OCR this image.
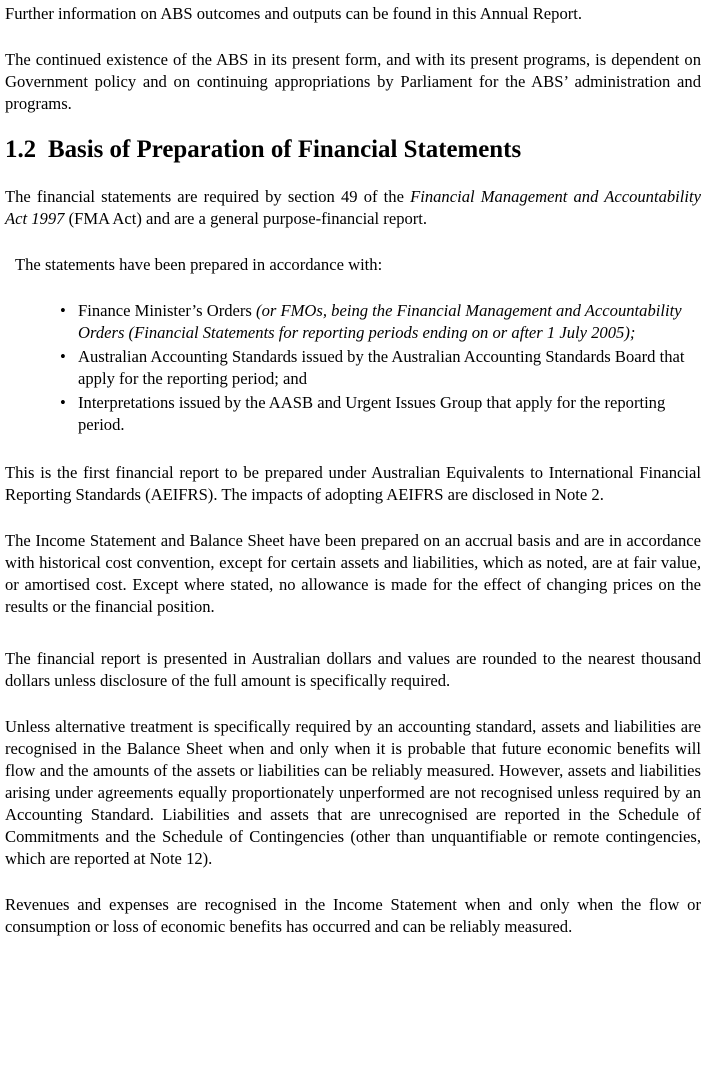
Further information on ABS outcomes and outputs can be found in this Annual Report.

The continued existence of the ABS in its present form, and with its present programs, is dependent on Government policy and on continuing appropriations by Parliament for the ABS’ administration and programs.

1.2 Basis of Preparation of Financial Statements

The financial statements are required by section 49 of the Financial Management and Accountability Act 1997 (FMA Act) and are a general purpose-financial report.

The statements have been prepared in accordance with:

• Finance Minister’s Orders (or FMOs, being the Financial Management and Accountability Orders (Financial Statements for reporting periods ending on or after 1 July 2005);
• Australian Accounting Standards issued by the Australian Accounting Standards Board that apply for the reporting period; and
• Interpretations issued by the AASB and Urgent Issues Group that apply for the reporting period.

This is the first financial report to be prepared under Australian Equivalents to International Financial Reporting Standards (AEIFRS). The impacts of adopting AEIFRS are disclosed in Note 2.

The Income Statement and Balance Sheet have been prepared on an accrual basis and are in accordance with historical cost convention, except for certain assets and liabilities, which as noted, are at fair value, or amortised cost. Except where stated, no allowance is made for the effect of changing prices on the results or the financial position.

The financial report is presented in Australian dollars and values are rounded to the nearest thousand dollars unless disclosure of the full amount is specifically required.

Unless alternative treatment is specifically required by an accounting standard, assets and liabilities are recognised in the Balance Sheet when and only when it is probable that future economic benefits will flow and the amounts of the assets or liabilities can be reliably measured. However, assets and liabilities arising under agreements equally proportionately unperformed are not recognised unless required by an Accounting Standard. Liabilities and assets that are unrecognised are reported in the Schedule of Commitments and the Schedule of Contingencies (other than unquantifiable or remote contingencies, which are reported at Note 12).

Revenues and expenses are recognised in the Income Statement when and only when the flow or consumption or loss of economic benefits has occurred and can be reliably measured.
